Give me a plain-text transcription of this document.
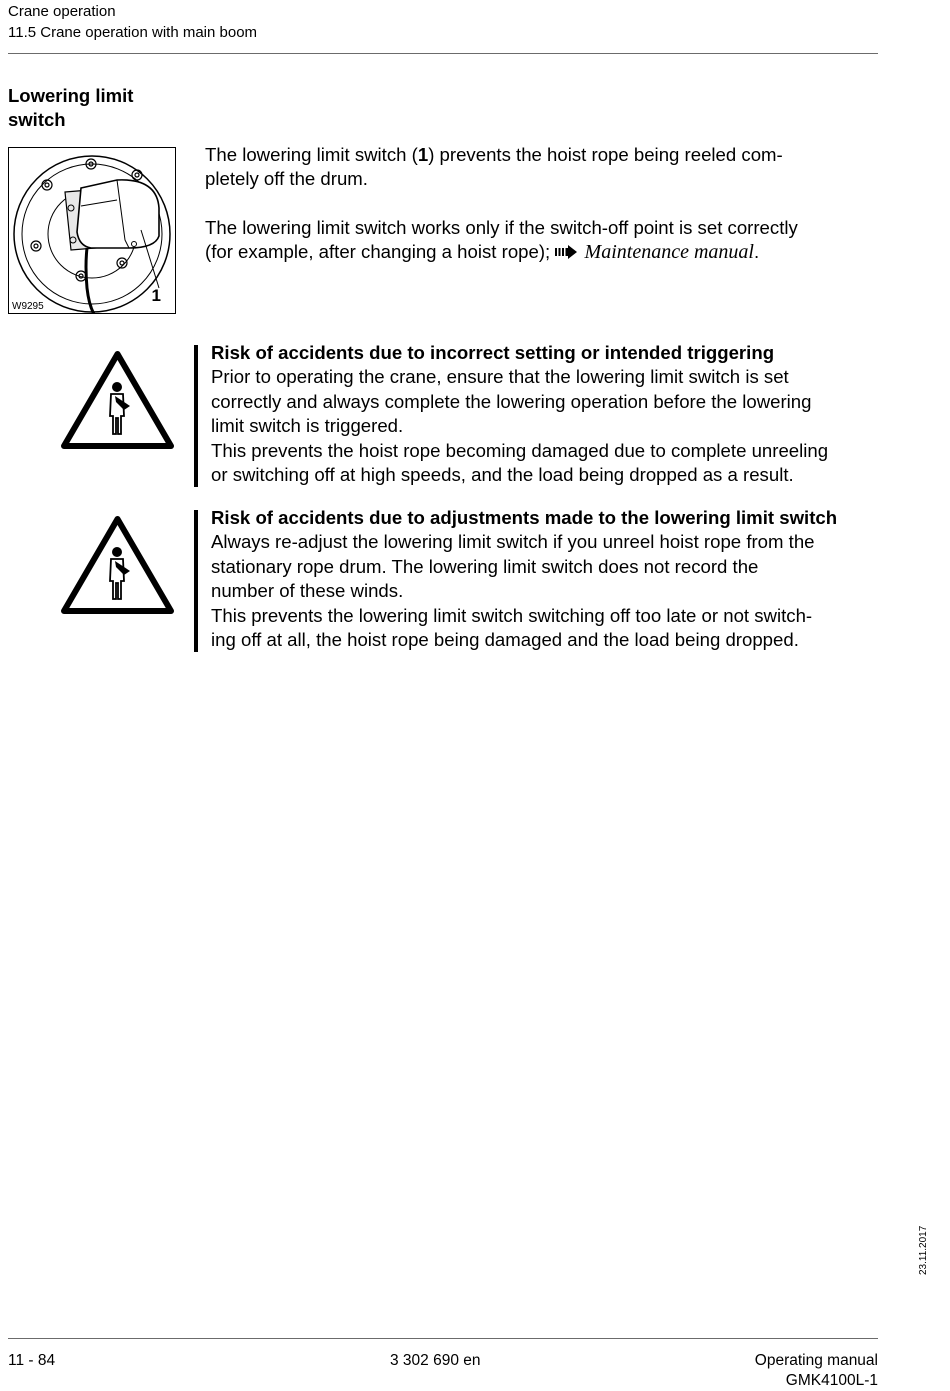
Crane operation
11.5 Crane operation with main boom
Lowering limit
switch
W9295
1
The lowering limit switch (1) prevents the hoist rope being reeled com-
pletely off the drum.
The lowering limit switch works only if the switch-off point is set correctly
(for example, after changing a hoist rope); Maintenance manual.
Risk of accidents due to incorrect setting or intended triggering
Prior to operating the crane, ensure that the lowering limit switch is set
correctly and always complete the lowering operation before the lowering
limit switch is triggered.
This prevents the hoist rope becoming damaged due to complete unreeling
or switching off at high speeds, and the load being dropped as a result.
Risk of accidents due to adjustments made to the lowering limit switch
Always re-adjust the lowering limit switch if you unreel hoist rope from the
stationary rope drum. The lowering limit switch does not record the
number of these winds.
This prevents the lowering limit switch switching off too late or not switch-
ing off at all, the hoist rope being damaged and the load being dropped.
23.11.2017
11 - 84	3 302 690 en	Operating manual
GMK4100L-1
